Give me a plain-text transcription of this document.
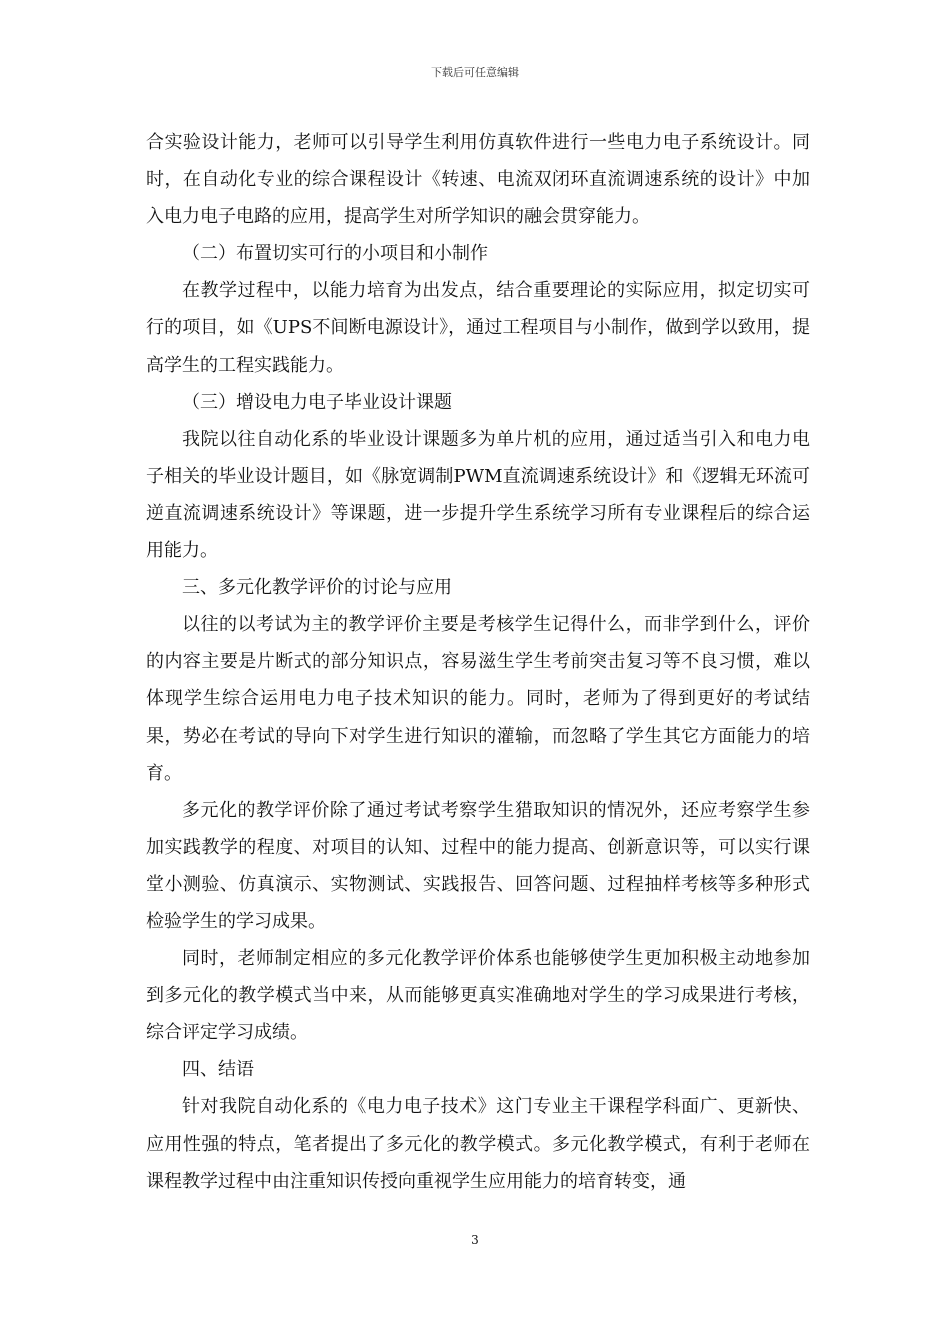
下载后可任意编辑

合实验设计能力，老师可以引导学生利用仿真软件进行一些电力电子系统设计。同时，在自动化专业的综合课程设计《转速、电流双闭环直流调速系统的设计》中加入电力电子电路的应用，提高学生对所学知识的融会贯穿能力。

（二）布置切实可行的小项目和小制作

在教学过程中，以能力培育为出发点，结合重要理论的实际应用，拟定切实可行的项目，如《UPS不间断电源设计》，通过工程项目与小制作，做到学以致用，提高学生的工程实践能力。

（三）增设电力电子毕业设计课题

我院以往自动化系的毕业设计课题多为单片机的应用，通过适当引入和电力电子相关的毕业设计题目，如《脉宽调制PWM直流调速系统设计》和《逻辑无环流可逆直流调速系统设计》等课题，进一步提升学生系统学习所有专业课程后的综合运用能力。

三、多元化教学评价的讨论与应用

以往的以考试为主的教学评价主要是考核学生记得什么，而非学到什么，评价的内容主要是片断式的部分知识点，容易滋生学生考前突击复习等不良习惯，难以体现学生综合运用电力电子技术知识的能力。同时，老师为了得到更好的考试结果，势必在考试的导向下对学生进行知识的灌输，而忽略了学生其它方面能力的培育。

多元化的教学评价除了通过考试考察学生猎取知识的情况外，还应考察学生参加实践教学的程度、对项目的认知、过程中的能力提高、创新意识等，可以实行课堂小测验、仿真演示、实物测试、实践报告、回答问题、过程抽样考核等多种形式检验学生的学习成果。

同时，老师制定相应的多元化教学评价体系也能够使学生更加积极主动地参加到多元化的教学模式当中来，从而能够更真实准确地对学生的学习成果进行考核，综合评定学习成绩。

四、结语

针对我院自动化系的《电力电子技术》这门专业主干课程学科面广、更新快、应用性强的特点，笔者提出了多元化的教学模式。多元化教学模式，有利于老师在课程教学过程中由注重知识传授向重视学生应用能力的培育转变，通

3
